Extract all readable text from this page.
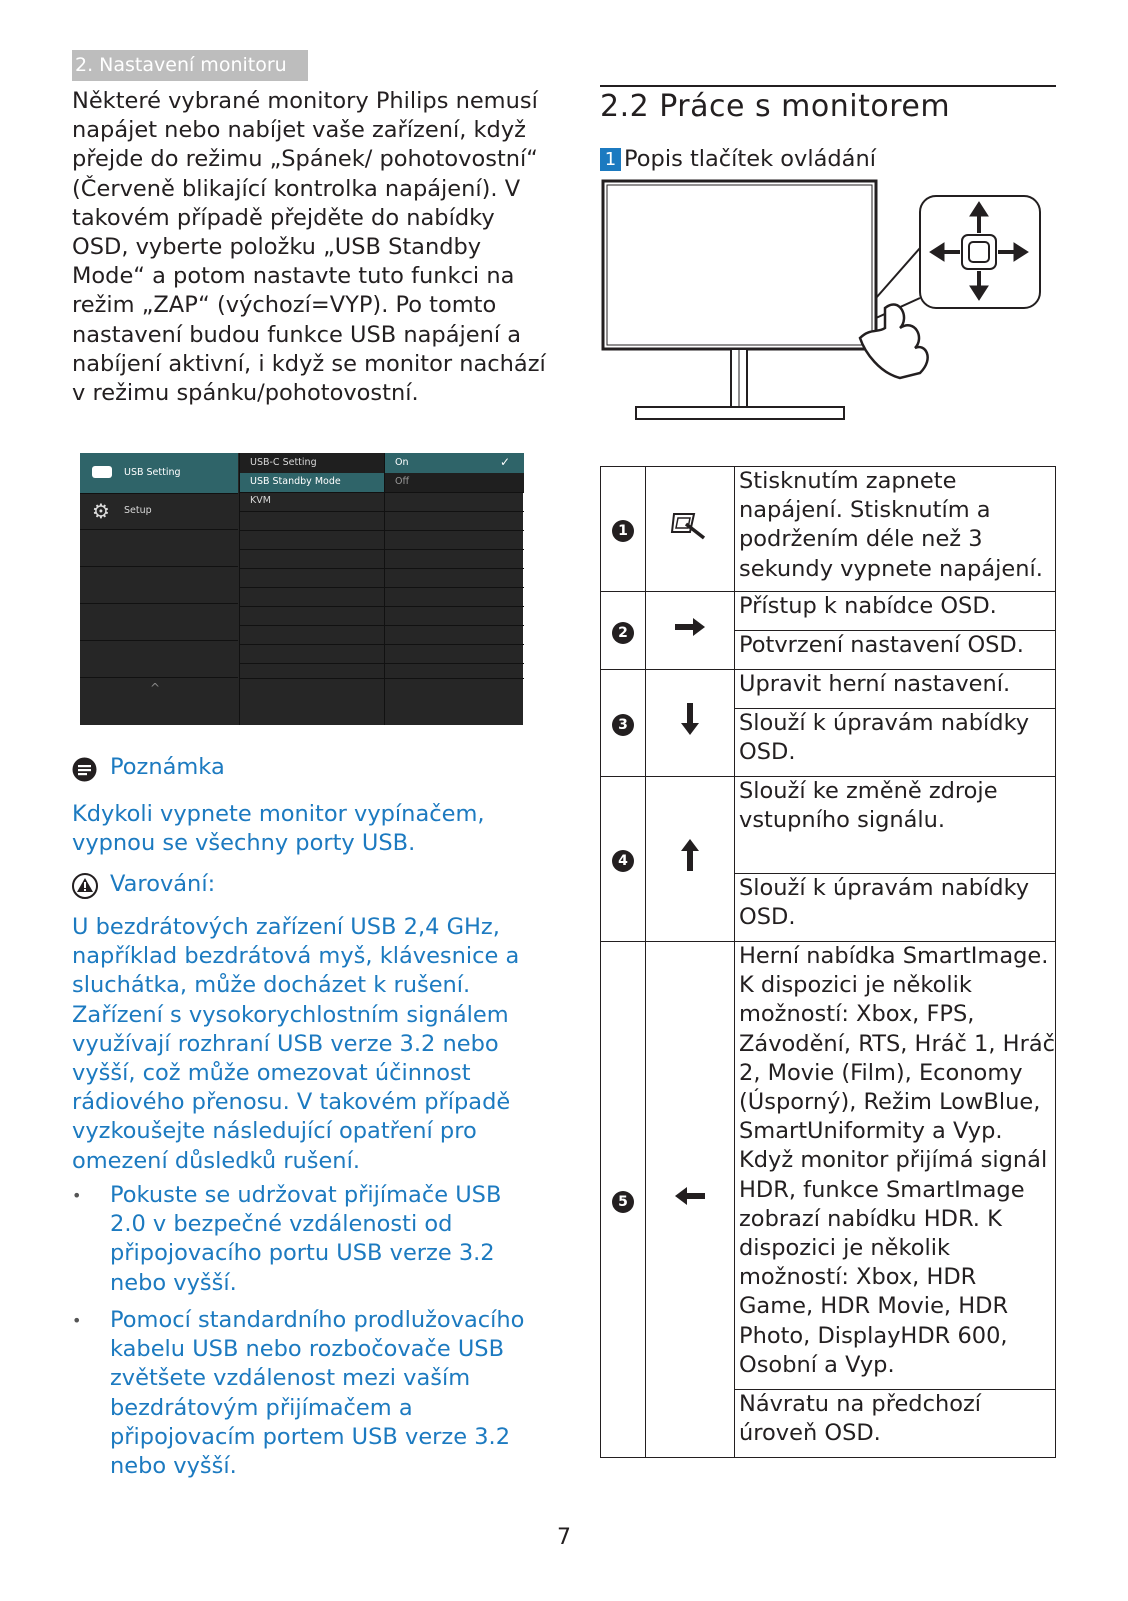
2. Nastavení monitoru

Některé vybrané monitory Philips nemusí napájet nebo nabíjet vaše zařízení, když přejde do režimu „Spánek/ pohotovostní“ (Červeně blikající kontrolka napájení). V takovém případě přejděte do nabídky OSD, vyberte položku „USB Standby Mode“ a potom nastavte tuto funkci na režim „ZAP“ (výchozí=VYP). Po tomto nastavení budou funkce USB napájení a nabíjení aktivní, i když se monitor nachází v režimu spánku/pohotovostní.

USB Setting
⚙ Setup
^
USB-C Setting
USB Standby Mode
KVM
On	✓
Off
Poznámka

Kdykoli vypnete monitor vypínačem, vypnou se všechny porty USB.

Varování:

U bezdrátových zařízení USB 2,4 GHz, například bezdrátová myš, klávesnice a sluchátka, může docházet k rušení. Zařízení s vysokorychlostním signálem využívají rozhraní USB verze 3.2 nebo vyšší, což může omezovat účinnost rádiového přenosu. V takovém případě vyzkoušejte následující opatření pro omezení důsledků rušení.

• Pokuste se udržovat přijímače USB 2.0 v bezpečné vzdálenosti od připojovacího portu USB verze 3.2 nebo vyšší.
• Pomocí standardního prodlužovacího kabelu USB nebo rozbočovače USB zvětšete vzdálenost mezi vaším bezdrátovým přijímačem a připojovacím portem USB verze 3.2 nebo vyšší.
2.2 Práce s monitorem
1 Popis tlačítek ovládání
1		Stisknutím zapnete napájení. Stisknutím a podržením déle než 3 sekundy vypnete napájení.
2		Přístup k nabídce OSD.
		Potvrzení nastavení OSD.
3		Upravit herní nastavení.
		Slouží k úpravám nabídky OSD.
4		Slouží ke změně zdroje vstupního signálu.
		Slouží k úpravám nabídky OSD.
5		Herní nabídka SmartImage. K dispozici je několik možností: Xbox, FPS, Závodění, RTS, Hráč 1, Hráč 2, Movie (Film), Economy (Úsporný), Režim LowBlue, SmartUniformity a Vyp. Když monitor přijímá signál HDR, funkce SmartImage zobrazí nabídku HDR. K dispozici je několik možností: Xbox, HDR Game, HDR Movie, HDR Photo, DisplayHDR 600, Osobní a Vyp.
		Návratu na předchozí úroveň OSD.
7
